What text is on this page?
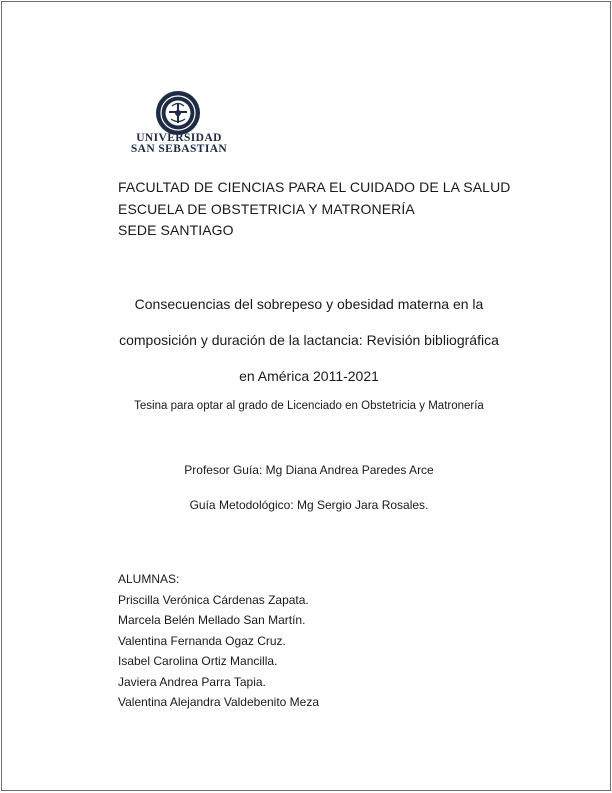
UNIVERSIDAD
SAN SEBASTIAN
FACULTAD DE CIENCIAS PARA EL CUIDADO DE LA SALUD
ESCUELA DE OBSTETRICIA Y MATRONERÍA
SEDE SANTIAGO
Consecuencias del sobrepeso y obesidad materna en la
composición y duración de la lactancia: Revisión bibliográfica
en América 2011-2021
Tesina para optar al grado de Licenciado en Obstetricia y Matronería
Profesor Guía: Mg Diana Andrea Paredes Arce
Guía Metodológico: Mg Sergio Jara Rosales.
ALUMNAS:
Priscilla Verónica Cárdenas Zapata.
Marcela Belén Mellado San Martín.
Valentina Fernanda Ogaz Cruz.
Isabel Carolina Ortiz Mancilla.
Javiera Andrea Parra Tapia.
Valentina Alejandra Valdebenito Meza
